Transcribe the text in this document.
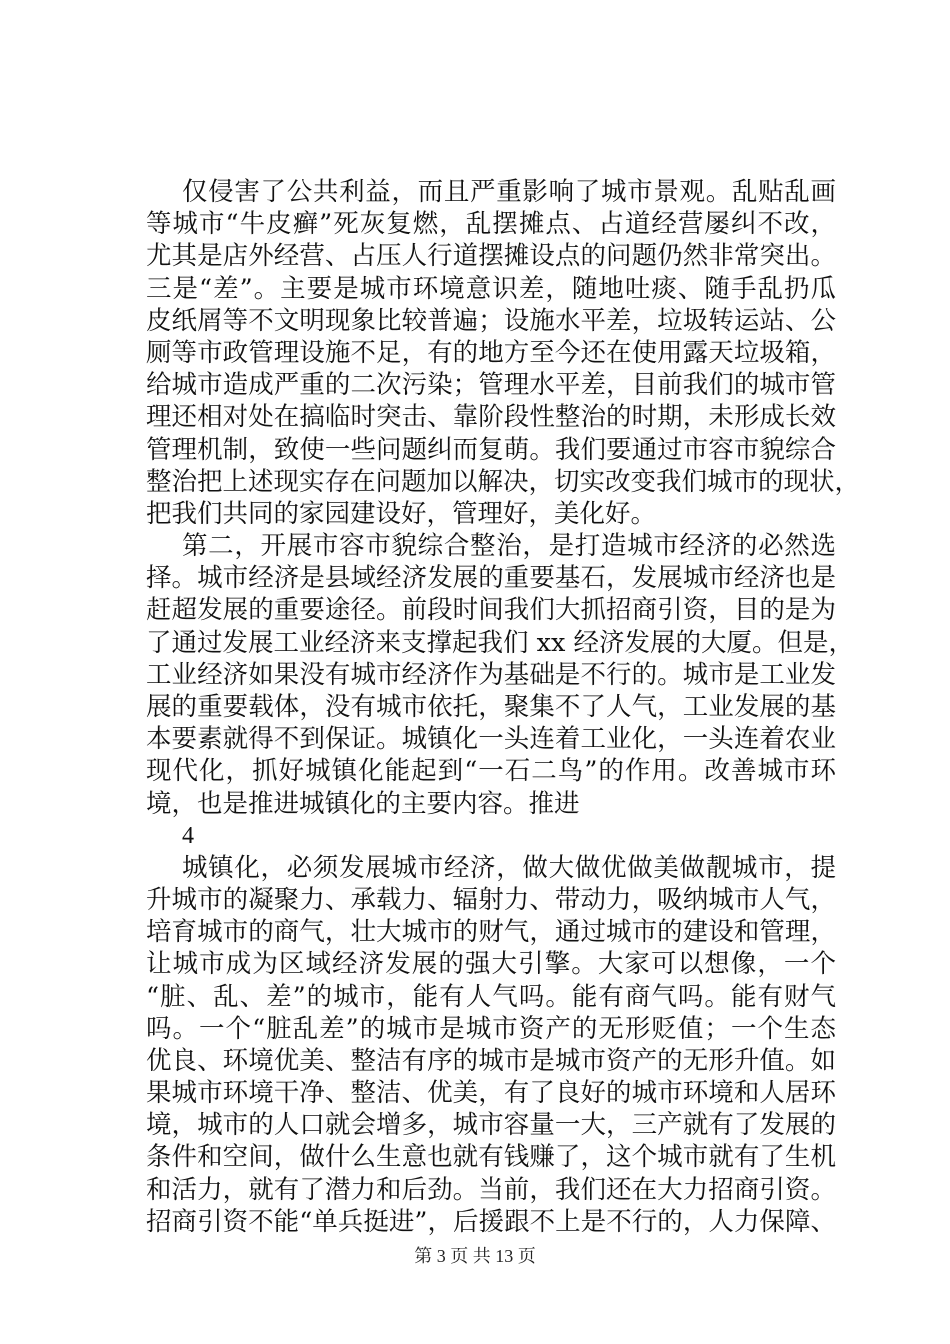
仅侵害了公共利益，而且严重影响了城市景观。乱贴乱画
等城市“牛皮癣”死灰复燃，乱摆摊点、占道经营屡纠不改，
尤其是店外经营、占压人行道摆摊设点的问题仍然非常突出。
三是“差”。主要是城市环境意识差，随地吐痰、随手乱扔瓜
皮纸屑等不文明现象比较普遍；设施水平差，垃圾转运站、公
厕等市政管理设施不足，有的地方至今还在使用露天垃圾箱，
给城市造成严重的二次污染；管理水平差，目前我们的城市管
理还相对处在搞临时突击、靠阶段性整治的时期，未形成长效
管理机制，致使一些问题纠而复萌。我们要通过市容市貌综合
整治把上述现实存在问题加以解决，切实改变我们城市的现状，
把我们共同的家园建设好，管理好，美化好。
第二，开展市容市貌综合整治，是打造城市经济的必然选
择。城市经济是县域经济发展的重要基石，发展城市经济也是
赶超发展的重要途径。前段时间我们大抓招商引资，目的是为
了通过发展工业经济来支撑起我们 xx 经济发展的大厦。但是，
工业经济如果没有城市经济作为基础是不行的。城市是工业发
展的重要载体，没有城市依托，聚集不了人气，工业发展的基
本要素就得不到保证。城镇化一头连着工业化，一头连着农业
现代化，抓好城镇化能起到“一石二鸟”的作用。改善城市环
境，也是推进城镇化的主要内容。推进
4
城镇化，必须发展城市经济，做大做优做美做靓城市，提
升城市的凝聚力、承载力、辐射力、带动力，吸纳城市人气，
培育城市的商气，壮大城市的财气，通过城市的建设和管理，
让城市成为区域经济发展的强大引擎。大家可以想像，一个
“脏、乱、差”的城市，能有人气吗。能有商气吗。能有财气
吗。一个“脏乱差”的城市是城市资产的无形贬值；一个生态
优良、环境优美、整洁有序的城市是城市资产的无形升值。如
果城市环境干净、整洁、优美，有了良好的城市环境和人居环
境，城市的人口就会增多，城市容量一大，三产就有了发展的
条件和空间，做什么生意也就有钱赚了，这个城市就有了生机
和活力，就有了潜力和后劲。当前，我们还在大力招商引资。
招商引资不能“单兵挺进”，后援跟不上是不行的，人力保障、
第 3 页 共 13 页
